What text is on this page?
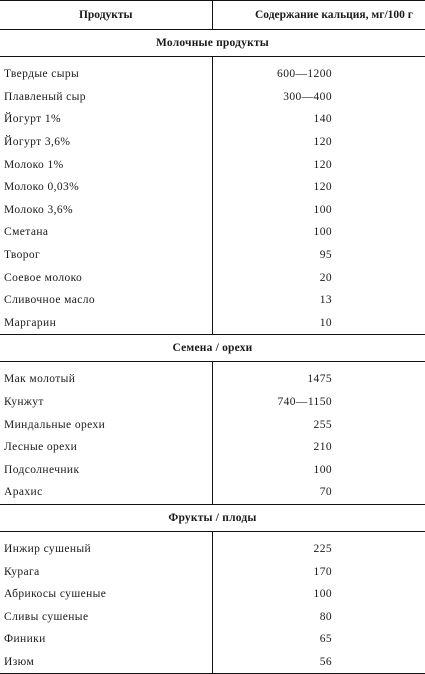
Продукты	Содержание кальция, мг/100 г
Молочные продукты	

Твердые сыры	600—1200
Плавленый сыр	300—400
Йогурт 1%	140
Йогурт 3,6%	120
Молоко 1%	120
Молоко 0,03%	120
Молоко 3,6%	100
Сметана	100
Творог	95
Соевое молоко	20
Сливочное масло	13
Маргарин	10
Семена / орехи	

Мак молотый	1475
Кунжут	740—1150
Миндальные орехи	255
Лесные орехи	210
Подсолнечник	100
Арахис	70
Фрукты / плоды	

Инжир сушеный	225
Курага	170
Абрикосы сушеные	100
Сливы сушеные	80
Финики	65
Изюм	56
